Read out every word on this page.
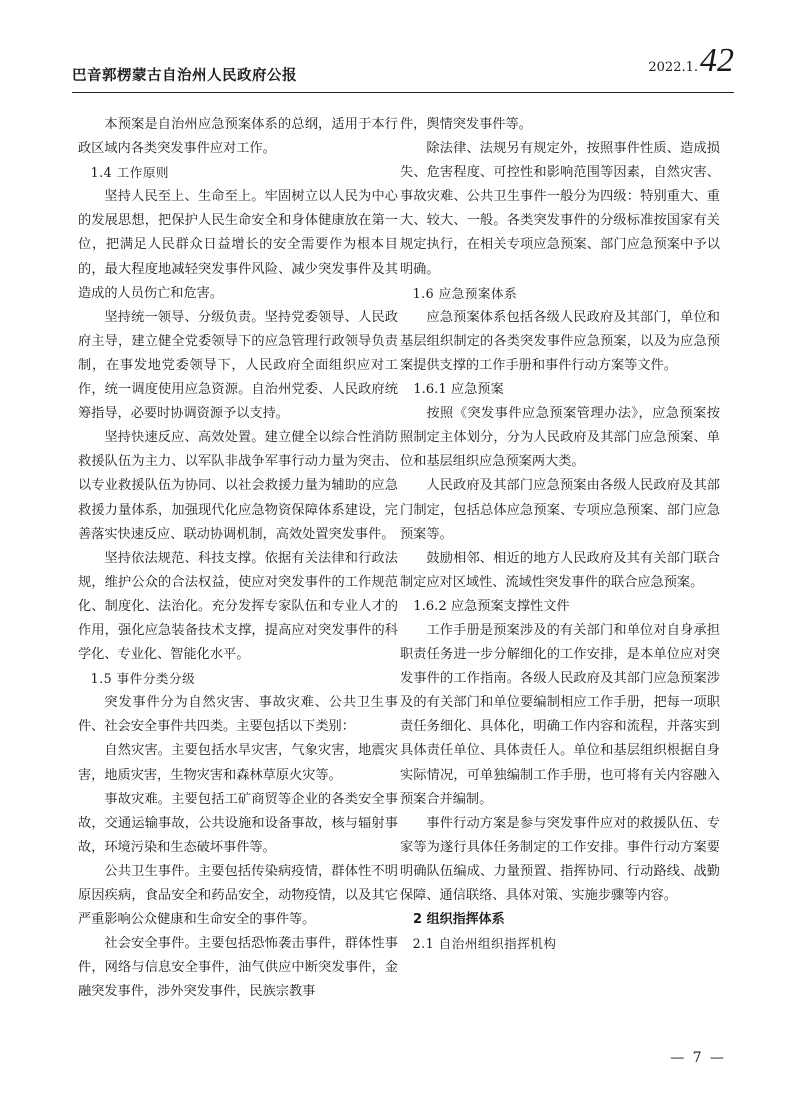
巴音郭楞蒙古自治州人民政府公报
2022.1.42

本预案是自治州应急预案体系的总纲，适用于本行政区域内各类突发事件应对工作。

1.4 工作原则

坚持人民至上、生命至上。牢固树立以人民为中心的发展思想，把保护人民生命安全和身体健康放在第一位，把满足人民群众日益增长的安全需要作为根本目的，最大程度地减轻突发事件风险、减少突发事件及其造成的人员伤亡和危害。

坚持统一领导、分级负责。坚持党委领导、人民政府主导，建立健全党委领导下的应急管理行政领导负责制，在事发地党委领导下，人民政府全面组织应对工作，统一调度使用应急资源。自治州党委、人民政府统筹指导，必要时协调资源予以支持。

坚持快速反应、高效处置。建立健全以综合性消防救援队伍为主力、以军队非战争军事行动力量为突击、以专业救援队伍为协同、以社会救援力量为辅助的应急救援力量体系，加强现代化应急物资保障体系建设，完善落实快速反应、联动协调机制，高效处置突发事件。

坚持依法规范、科技支撑。依据有关法律和行政法规，维护公众的合法权益，使应对突发事件的工作规范化、制度化、法治化。充分发挥专家队伍和专业人才的作用，强化应急装备技术支撑，提高应对突发事件的科学化、专业化、智能化水平。

1.5 事件分类分级

突发事件分为自然灾害、事故灾难、公共卫生事件、社会安全事件共四类。主要包括以下类别：

自然灾害。主要包括水旱灾害，气象灾害，地震灾害，地质灾害，生物灾害和森林草原火灾等。

事故灾难。主要包括工矿商贸等企业的各类安全事故，交通运输事故，公共设施和设备事故，核与辐射事故，环境污染和生态破坏事件等。

公共卫生事件。主要包括传染病疫情，群体性不明原因疾病，食品安全和药品安全，动物疫情，以及其它严重影响公众健康和生命安全的事件等。

社会安全事件。主要包括恐怖袭击事件，群体性事件，网络与信息安全事件，油气供应中断突发事件，金融突发事件，涉外突发事件，民族宗教事

件，舆情突发事件等。

除法律、法规另有规定外，按照事件性质、造成损失、危害程度、可控性和影响范围等因素，自然灾害、事故灾难、公共卫生事件一般分为四级：特别重大、重大、较大、一般。各类突发事件的分级标准按国家有关规定执行，在相关专项应急预案、部门应急预案中予以明确。

1.6 应急预案体系

应急预案体系包括各级人民政府及其部门，单位和基层组织制定的各类突发事件应急预案，以及为应急预案提供支撑的工作手册和事件行动方案等文件。

1.6.1 应急预案

按照《突发事件应急预案管理办法》，应急预案按照制定主体划分，分为人民政府及其部门应急预案、单位和基层组织应急预案两大类。

人民政府及其部门应急预案由各级人民政府及其部门制定，包括总体应急预案、专项应急预案、部门应急预案等。

鼓励相邻、相近的地方人民政府及其有关部门联合制定应对区域性、流域性突发事件的联合应急预案。

1.6.2 应急预案支撑性文件

工作手册是预案涉及的有关部门和单位对自身承担职责任务进一步分解细化的工作安排，是本单位应对突发事件的工作指南。各级人民政府及其部门应急预案涉及的有关部门和单位要编制相应工作手册，把每一项职责任务细化、具体化，明确工作内容和流程，并落实到具体责任单位、具体责任人。单位和基层组织根据自身实际情况，可单独编制工作手册，也可将有关内容融入预案合并编制。

事件行动方案是参与突发事件应对的救援队伍、专家等为遂行具体任务制定的工作安排。事件行动方案要明确队伍编成、力量预置、指挥协同、行动路线、战勤保障、通信联络、具体对策、实施步骤等内容。

2 组织指挥体系

2.1 自治州组织指挥机构

— 7 —
